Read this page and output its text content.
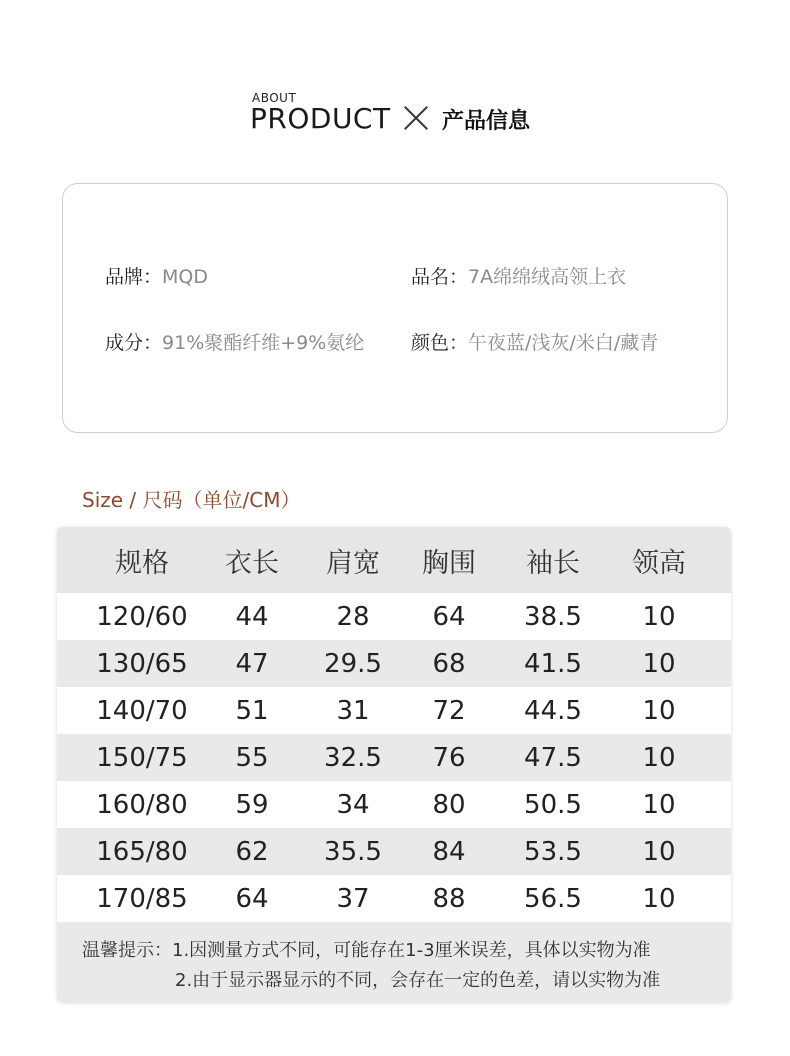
ABOUT
PRODUCT 产品信息
品牌：MQD	品名：7A绵绵绒高领上衣
成分：91%聚酯纤维+9%氨纶 颜色：午夜蓝/浅灰/米白/藏青
Size / 尺码（单位/CM）
规格	衣长	肩宽	胸围	袖长	领高
120/60	44	28	64	38.5	10
130/65	47	29.5	68	41.5	10
140/70	51	31	72	44.5	10
150/75	55	32.5	76	47.5	10
160/80	59	34	80	50.5	10
165/80	62	35.5	84	53.5	10
170/85	64	37	88	56.5	10
温馨提示：1.因测量方式不同，可能存在1-3厘米误差，具体以实物为准
2.由于显示器显示的不同，会存在一定的色差，请以实物为准
